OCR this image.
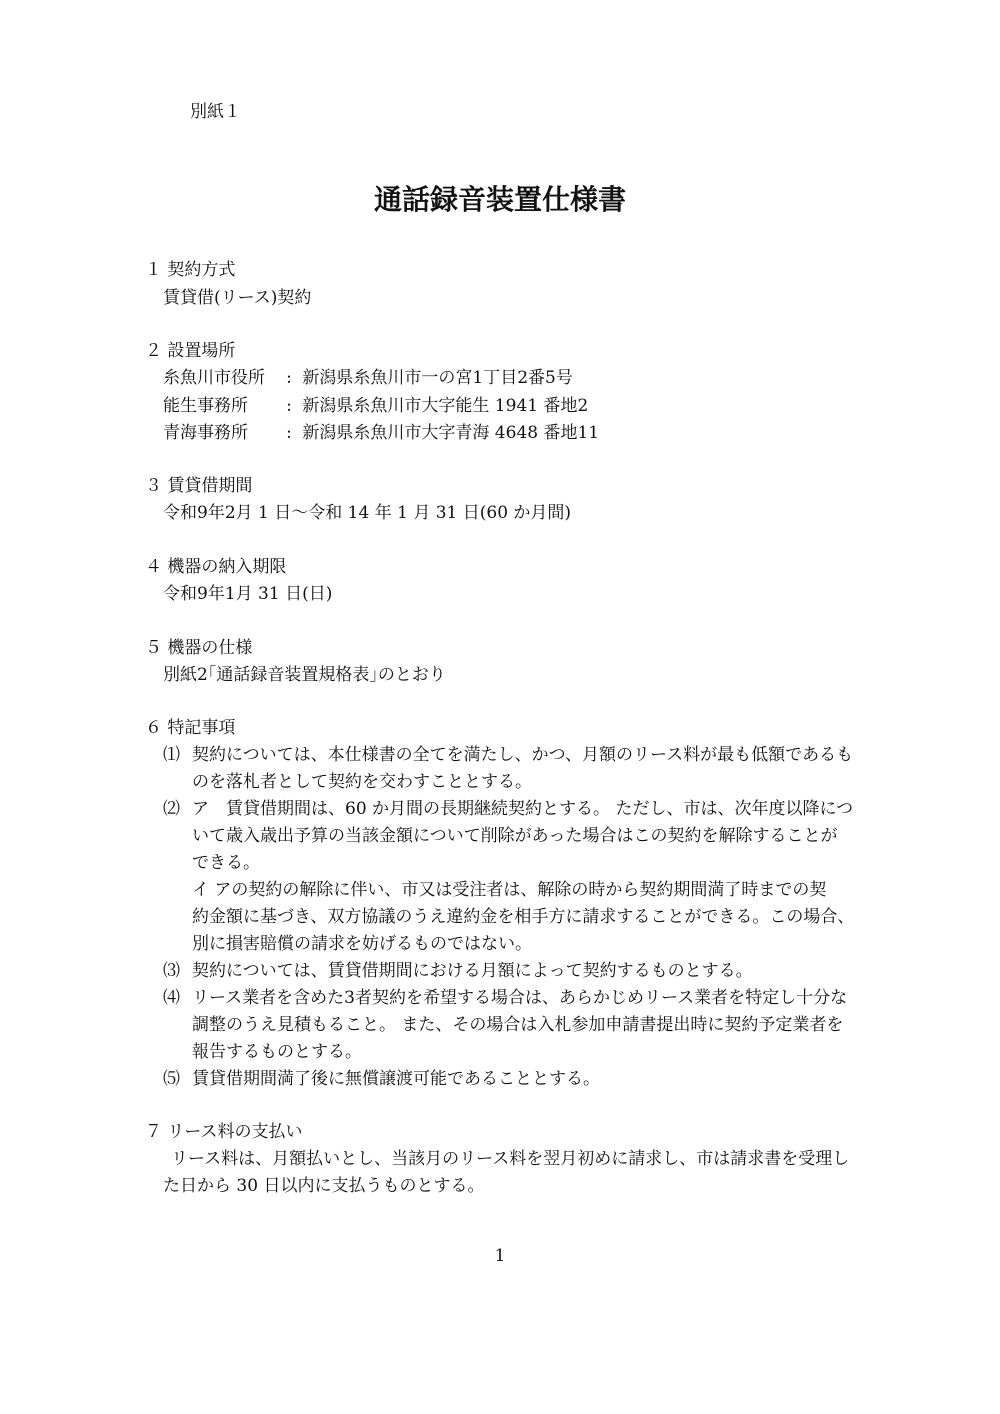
別紙１
通話録音装置仕様書
１ 契約方式
賃貸借(リース)契約
２ 設置場所
糸魚川市役所 : 新潟県糸魚川市一の宮1丁目2番5号
能生事務所 : 新潟県糸魚川市大字能生 1941 番地2
青海事務所 : 新潟県糸魚川市大字青海 4648 番地11
３ 賃貸借期間
令和9年2月 1 日～令和 14 年 1 月 31 日(60 か月間)
４ 機器の納入期限
令和9年1月 31 日(日)
５ 機器の仕様
別紙2｢通話録音装置規格表｣のとおり
６ 特記事項
⑴ 契約については、本仕様書の全てを満たし、かつ、月額のリース料が最も低額であるも
のを落札者として契約を交わすこととする。
⑵ ア　賃貸借期間は、60 か月間の長期継続契約とする。 ただし、市は、次年度以降につ
いて歳入歳出予算の当該金額について削除があった場合はこの契約を解除することが
できる。
イ アの契約の解除に伴い、市又は受注者は、解除の時から契約期間満了時までの契
約金額に基づき、双方協議のうえ違約金を相手方に請求することができる。この場合、
別に損害賠償の請求を妨げるものではない。
⑶ 契約については、賃貸借期間における月額によって契約するものとする。
⑷ リース業者を含めた3者契約を希望する場合は、あらかじめリース業者を特定し十分な
調整のうえ見積もること。 また、その場合は入札参加申請書提出時に契約予定業者を
報告するものとする。
⑸ 賃貸借期間満了後に無償譲渡可能であることとする。
７ リース料の支払い
リース料は、月額払いとし、当該月のリース料を翌月初めに請求し、市は請求書を受理し
た日から 30 日以内に支払うものとする。
1
